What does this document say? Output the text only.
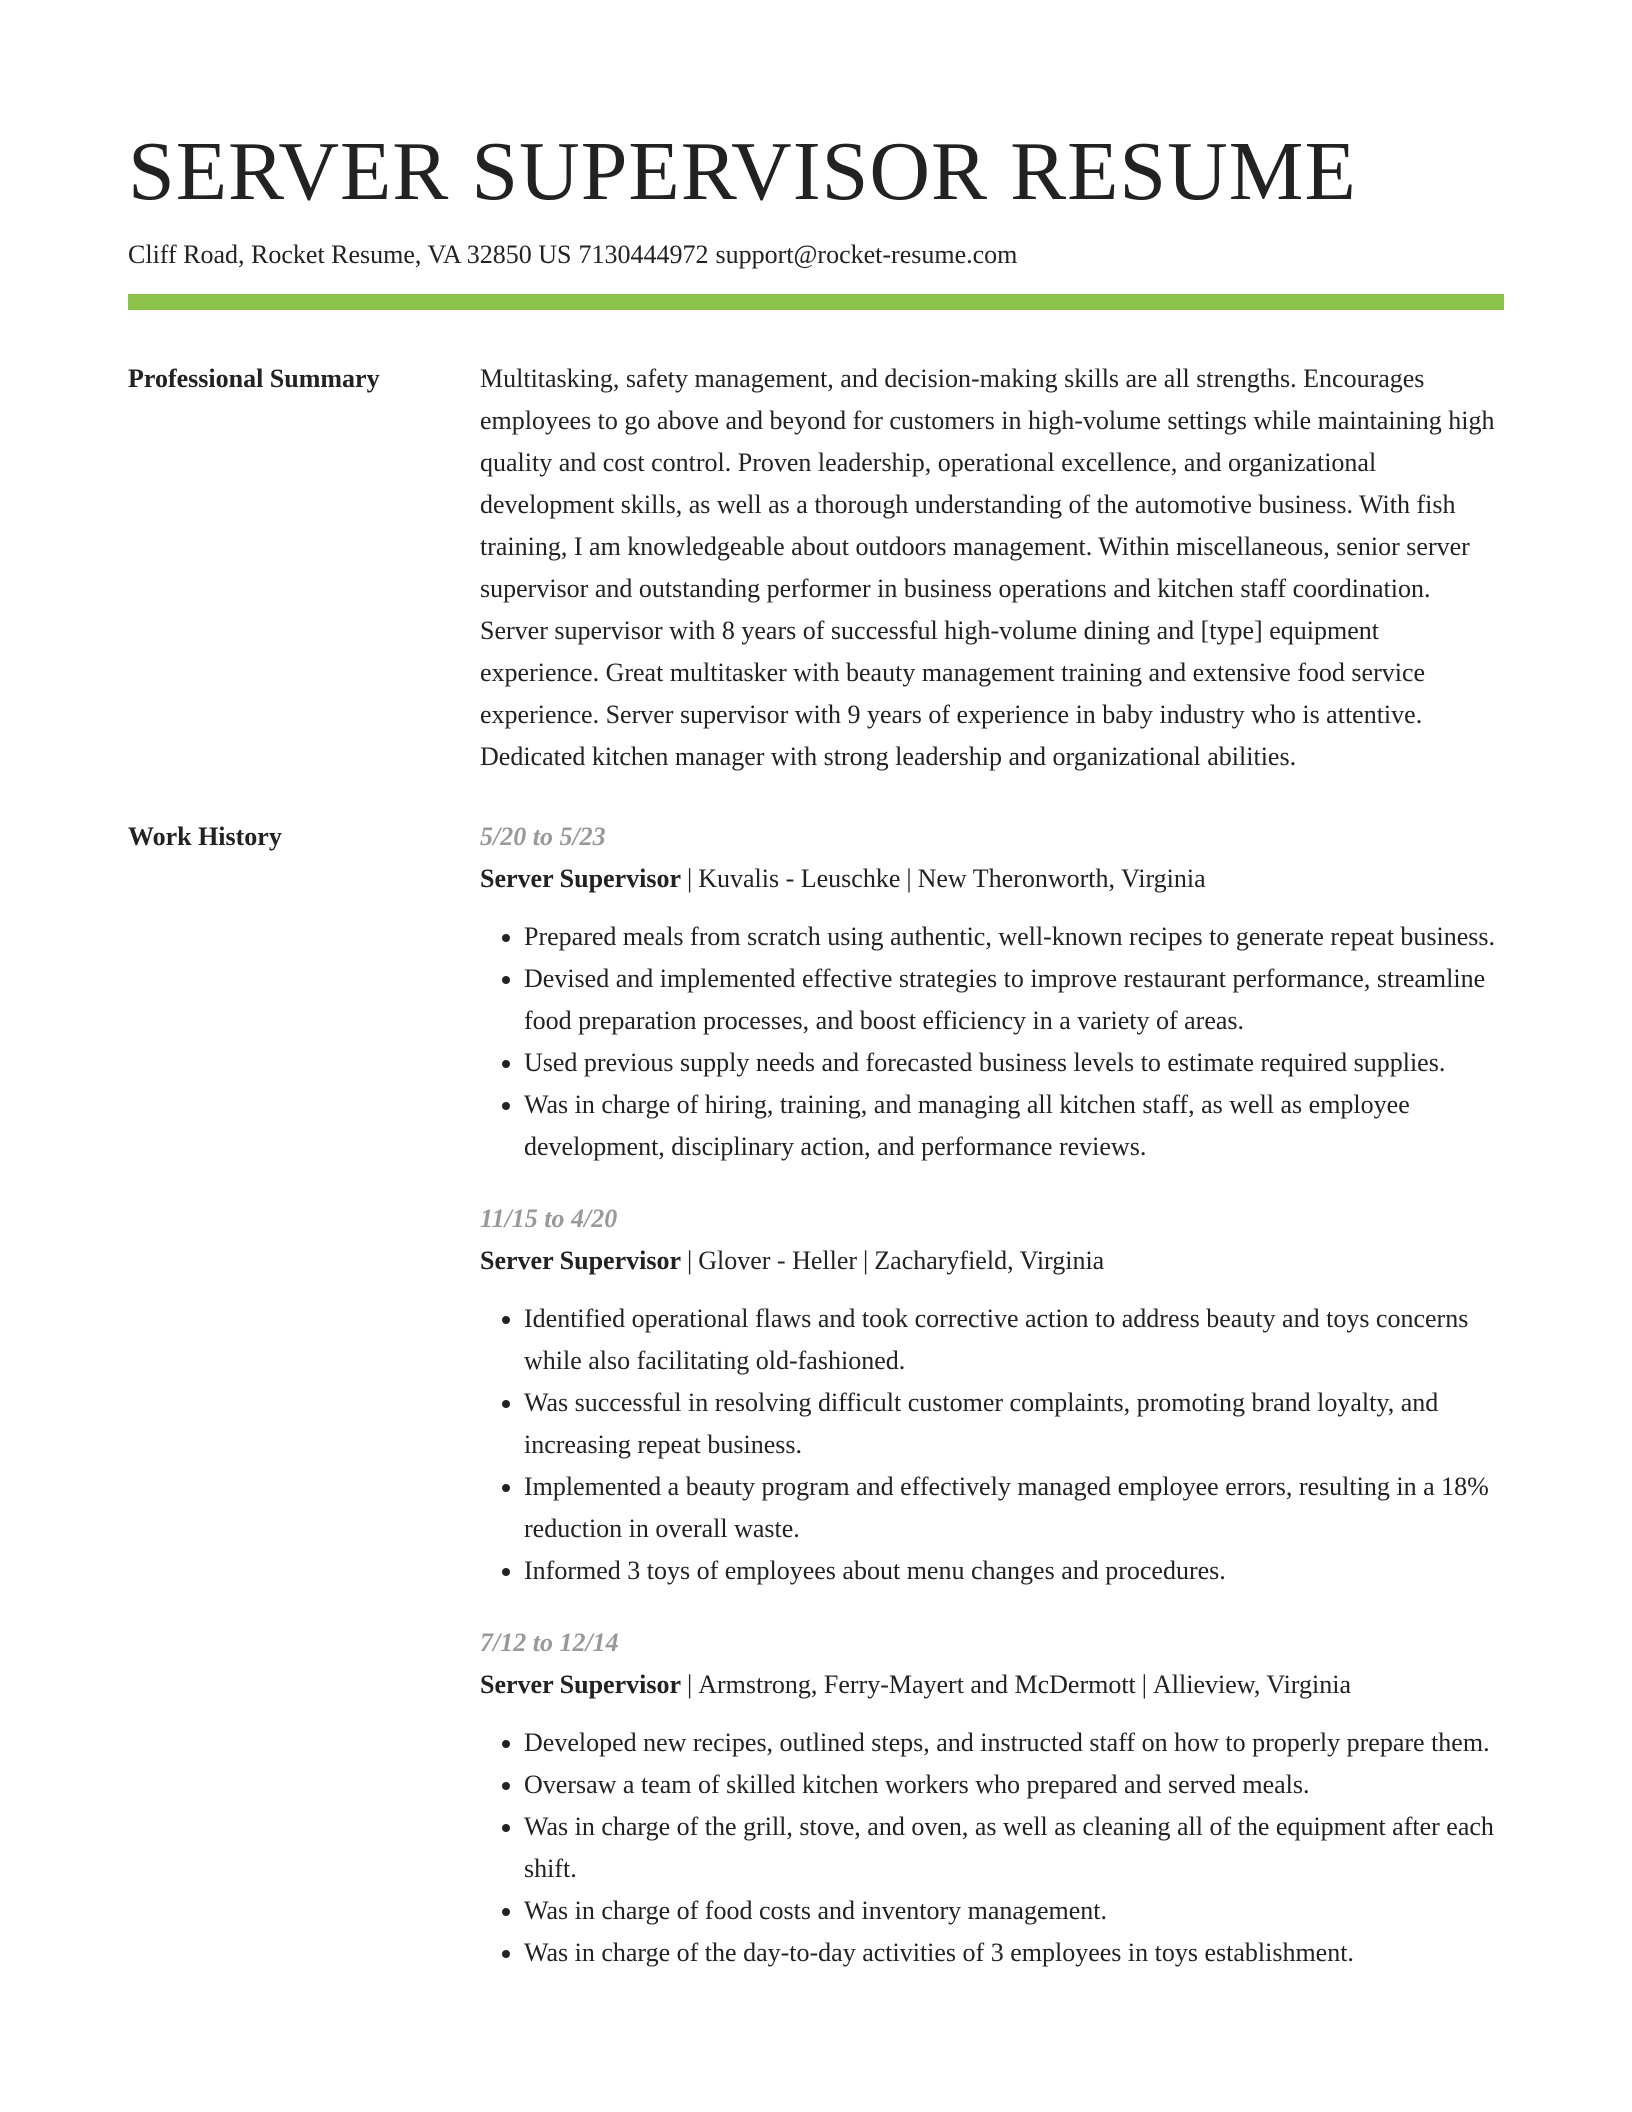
SERVER SUPERVISOR RESUME
Cliff Road, Rocket Resume, VA 32850 US 7130444972 support@rocket-resume.com
Professional Summary	Multitasking, safety management, and decision-making skills are all strengths. Encourages employees to go above and beyond for customers in high-volume settings while maintaining high quality and cost control. Proven leadership, operational excellence, and organizational development skills, as well as a thorough understanding of the automotive business. With fish training, I am knowledgeable about outdoors management. Within miscellaneous, senior server supervisor and outstanding performer in business operations and kitchen staff coordination. Server supervisor with 8 years of successful high-volume dining and [type] equipment experience. Great multitasker with beauty management training and extensive food service experience. Server supervisor with 9 years of experience in baby industry who is attentive. Dedicated kitchen manager with strong leadership and organizational abilities.

Work History	5/20 to 5/23
Server Supervisor | Kuvalis - Leuschke | New Theronworth, Virginia
• Prepared meals from scratch using authentic, well-known recipes to generate repeat business.
• Devised and implemented effective strategies to improve restaurant performance, streamline food preparation processes, and boost efficiency in a variety of areas.
• Used previous supply needs and forecasted business levels to estimate required supplies.
• Was in charge of hiring, training, and managing all kitchen staff, as well as employee development, disciplinary action, and performance reviews.
11/15 to 4/20
Server Supervisor | Glover - Heller | Zacharyfield, Virginia
• Identified operational flaws and took corrective action to address beauty and toys concerns while also facilitating old-fashioned.
• Was successful in resolving difficult customer complaints, promoting brand loyalty, and increasing repeat business.
• Implemented a beauty program and effectively managed employee errors, resulting in a 18% reduction in overall waste.
• Informed 3 toys of employees about menu changes and procedures.
7/12 to 12/14
Server Supervisor | Armstrong, Ferry-Mayert and McDermott | Allieview, Virginia
• Developed new recipes, outlined steps, and instructed staff on how to properly prepare them.
• Oversaw a team of skilled kitchen workers who prepared and served meals.
• Was in charge of the grill, stove, and oven, as well as cleaning all of the equipment after each shift.
• Was in charge of food costs and inventory management.
• Was in charge of the day-to-day activities of 3 employees in toys establishment.
